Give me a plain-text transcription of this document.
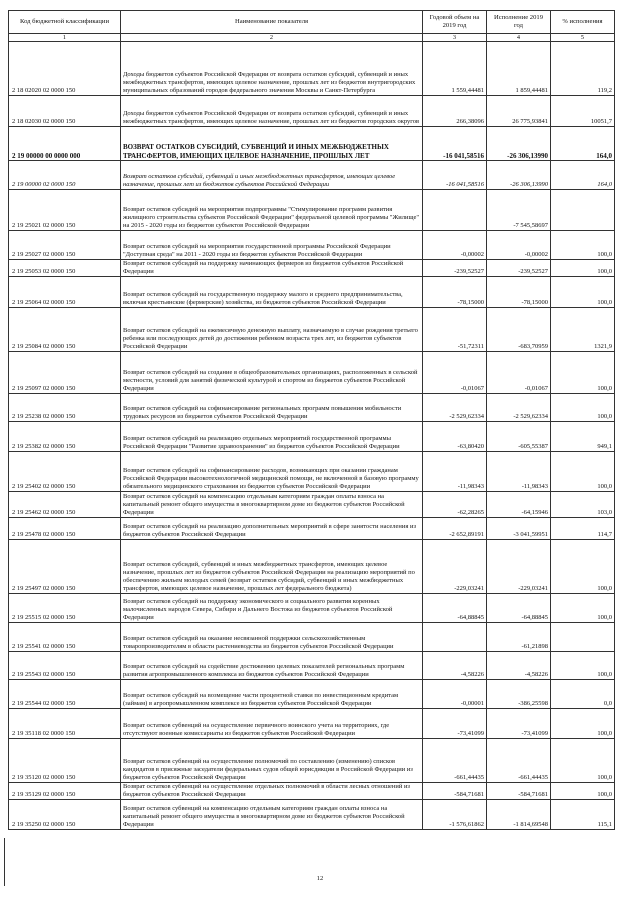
Код бюджетной классификации	Наименование показателя	Годовой объем на 2019 год	Исполнение 2019 год	% исполнения
1	2	3	4	5
2 18 02020 02 0000 150	Доходы бюджетов субъектов Российской Федерации от возврата остатков субсидий, субвенций и иных межбюджетных трансфертов, имеющих целевое назначение, прошлых лет из бюджетов внутригородских муниципальных образований городов федерального значения Москвы и Санкт-Петербурга	1 559,44481	1 859,44481	119,2
2 18 02030 02 0000 150	Доходы бюджетов субъектов Российской Федерации от возврата остатков субсидий, субвенций и иных межбюджетных трансфертов, имеющих целевое назначение, прошлых лет из бюджетов городских округов	266,38096	26 775,93841	10051,7
2 19 00000 00 0000 000	ВОЗВРАТ ОСТАТКОВ СУБСИДИЙ, СУБВЕНЦИЙ И ИНЫХ МЕЖБЮДЖЕТНЫХ ТРАНСФЕРТОВ, ИМЕЮЩИХ ЦЕЛЕВОЕ НАЗНАЧЕНИЕ, ПРОШЛЫХ ЛЕТ	-16 041,58516	-26 306,13990	164,0
2 19 00000 02 0000 150	Возврат остатков субсидий, субвенций и иных межбюджетных трансфертов, имеющих целевое назначение, прошлых лет из бюджетов субъектов Российской Федерации	-16 041,58516	-26 306,13990	164,0
2 19 25021 02 0000 150	Возврат остатков субсидий на мероприятия подпрограммы "Стимулирование программ развития жилищного строительства субъектов Российской Федерации" федеральной целевой программы "Жилище" на 2015 - 2020 годы из бюджетов субъектов Российской Федерации		-7 545,58697	
2 19 25027 02 0000 150	Возврат остатков субсидий на мероприятия государственной программы Российской Федерации "Доступная среда" на 2011 - 2020 годы из бюджетов субъектов Российской Федерации	-0,00002	-0,00002	100,0
2 19 25053 02 0000 150	Возврат остатков субсидий на поддержку начинающих фермеров из бюджетов субъектов Российской Федерации	-239,52527	-239,52527	100,0
2 19 25064 02 0000 150	Возврат остатков субсидий на государственную поддержку малого и среднего предпринимательства, включая крестьянские (фермерские) хозяйства, из бюджетов субъектов Российской Федерации	-78,15000	-78,15000	100,0
2 19 25084 02 0000 150	Возврат остатков субсидий на ежемесячную денежную выплату, назначаемую в случае рождения третьего ребенка или последующих детей до достижения ребенком возраста трех лет, из бюджетов субъектов Российской Федерации	-51,72311	-683,70959	1321,9
2 19 25097 02 0000 150	Возврат остатков субсидий на создание в общеобразовательных организациях, расположенных в сельской местности, условий для занятий физической культурой и спортом из бюджетов субъектов Российской Федерации	-0,01067	-0,01067	100,0
2 19 25238 02 0000 150	Возврат остатков субсидий на софинансирование региональных программ повышения мобильности трудовых ресурсов из бюджетов субъектов Российской Федерации	-2 529,62334	-2 529,62334	100,0
2 19 25382 02 0000 150	Возврат остатков субсидий на реализацию отдельных мероприятий государственной программы Российской Федерации "Развитие здравоохранения" из бюджетов субъектов Российской Федерации	-63,80420	-605,55387	949,1
2 19 25402 02 0000 150	Возврат остатков субсидий на софинансирование расходов, возникающих при оказании гражданам Российской Федерации высокотехнологичной медицинской помощи, не включенной в базовую программу обязательного медицинского страхования из бюджетов субъектов Российской Федерации	-11,98343	-11,98343	100,0
2 19 25462 02 0000 150	Возврат остатков субсидий на компенсацию отдельным категориям граждан оплаты взноса на капитальный ремонт общего имущества в многоквартирном доме из бюджетов субъектов Российской Федерации	-62,28265	-64,15946	103,0
2 19 25478 02 0000 150	Возврат остатков субсидий на реализацию дополнительных мероприятий в сфере занятости населения из бюджетов субъектов Российской Федерации	-2 652,89191	-3 041,59951	114,7
2 19 25497 02 0000 150	Возврат остатков субсидий, субвенций и иных межбюджетных трансфертов, имеющих целевое назначение, прошлых лет из бюджетов субъектов Российской Федерации на реализацию мероприятий по обеспечению жильем молодых семей (возврат остатков субсидий, субвенций и иных межбюджетных трансфертов, имеющих целевое назначение, прошлых лет федерального бюджета)	-229,03241	-229,03241	100,0
2 19 25515 02 0000 150	Возврат остатков субсидий на поддержку экономического и социального развития коренных малочисленных народов Севера, Сибири и Дальнего Востока из бюджетов субъектов Российской Федерации	-64,88845	-64,88845	100,0
2 19 25541 02 0000 150	Возврат остатков субсидий на оказание несвязанной поддержки сельскохозяйственным товаропроизводителям в области растениеводства из бюджетов субъектов Российской Федерации		-61,21898	
2 19 25543 02 0000 150	Возврат остатков субсидий на содействие достижению целевых показателей региональных программ развития агропромышленного комплекса из бюджетов субъектов Российской Федерации	-4,58226	-4,58226	100,0
2 19 25544 02 0000 150	Возврат остатков субсидий на возмещение части процентной ставки по инвестиционным кредитам (займам) в агропромышленном комплексе из бюджетов субъектов Российской Федерации	-0,00001	-386,25598	0,0
2 19 35118 02 0000 150	Возврат остатков субвенций на осуществление первичного воинского учета на территориях, где отсутствуют военные комиссариаты из бюджетов субъектов Российской Федерации	-73,41099	-73,41099	100,0
2 19 35120 02 0000 150	Возврат остатков субвенций на осуществление полномочий по составлению (изменению) списков кандидатов в присяжные заседатели федеральных судов общей юрисдикции в Российской Федерации из бюджетов субъектов Российской Федерации	-661,44435	-661,44435	100,0
2 19 35129 02 0000 150	Возврат остатков субвенций на осуществление отдельных полномочий в области лесных отношений из бюджетов субъектов Российской Федерации	-584,71681	-584,71681	100,0
2 19 35250 02 0000 150	Возврат остатков субвенций на компенсацию отдельным категориям граждан оплаты взноса на капитальный ремонт общего имущества в многоквартирном доме из бюджетов субъектов Российской Федерации	-1 576,61862	-1 814,69548	115,1
12
